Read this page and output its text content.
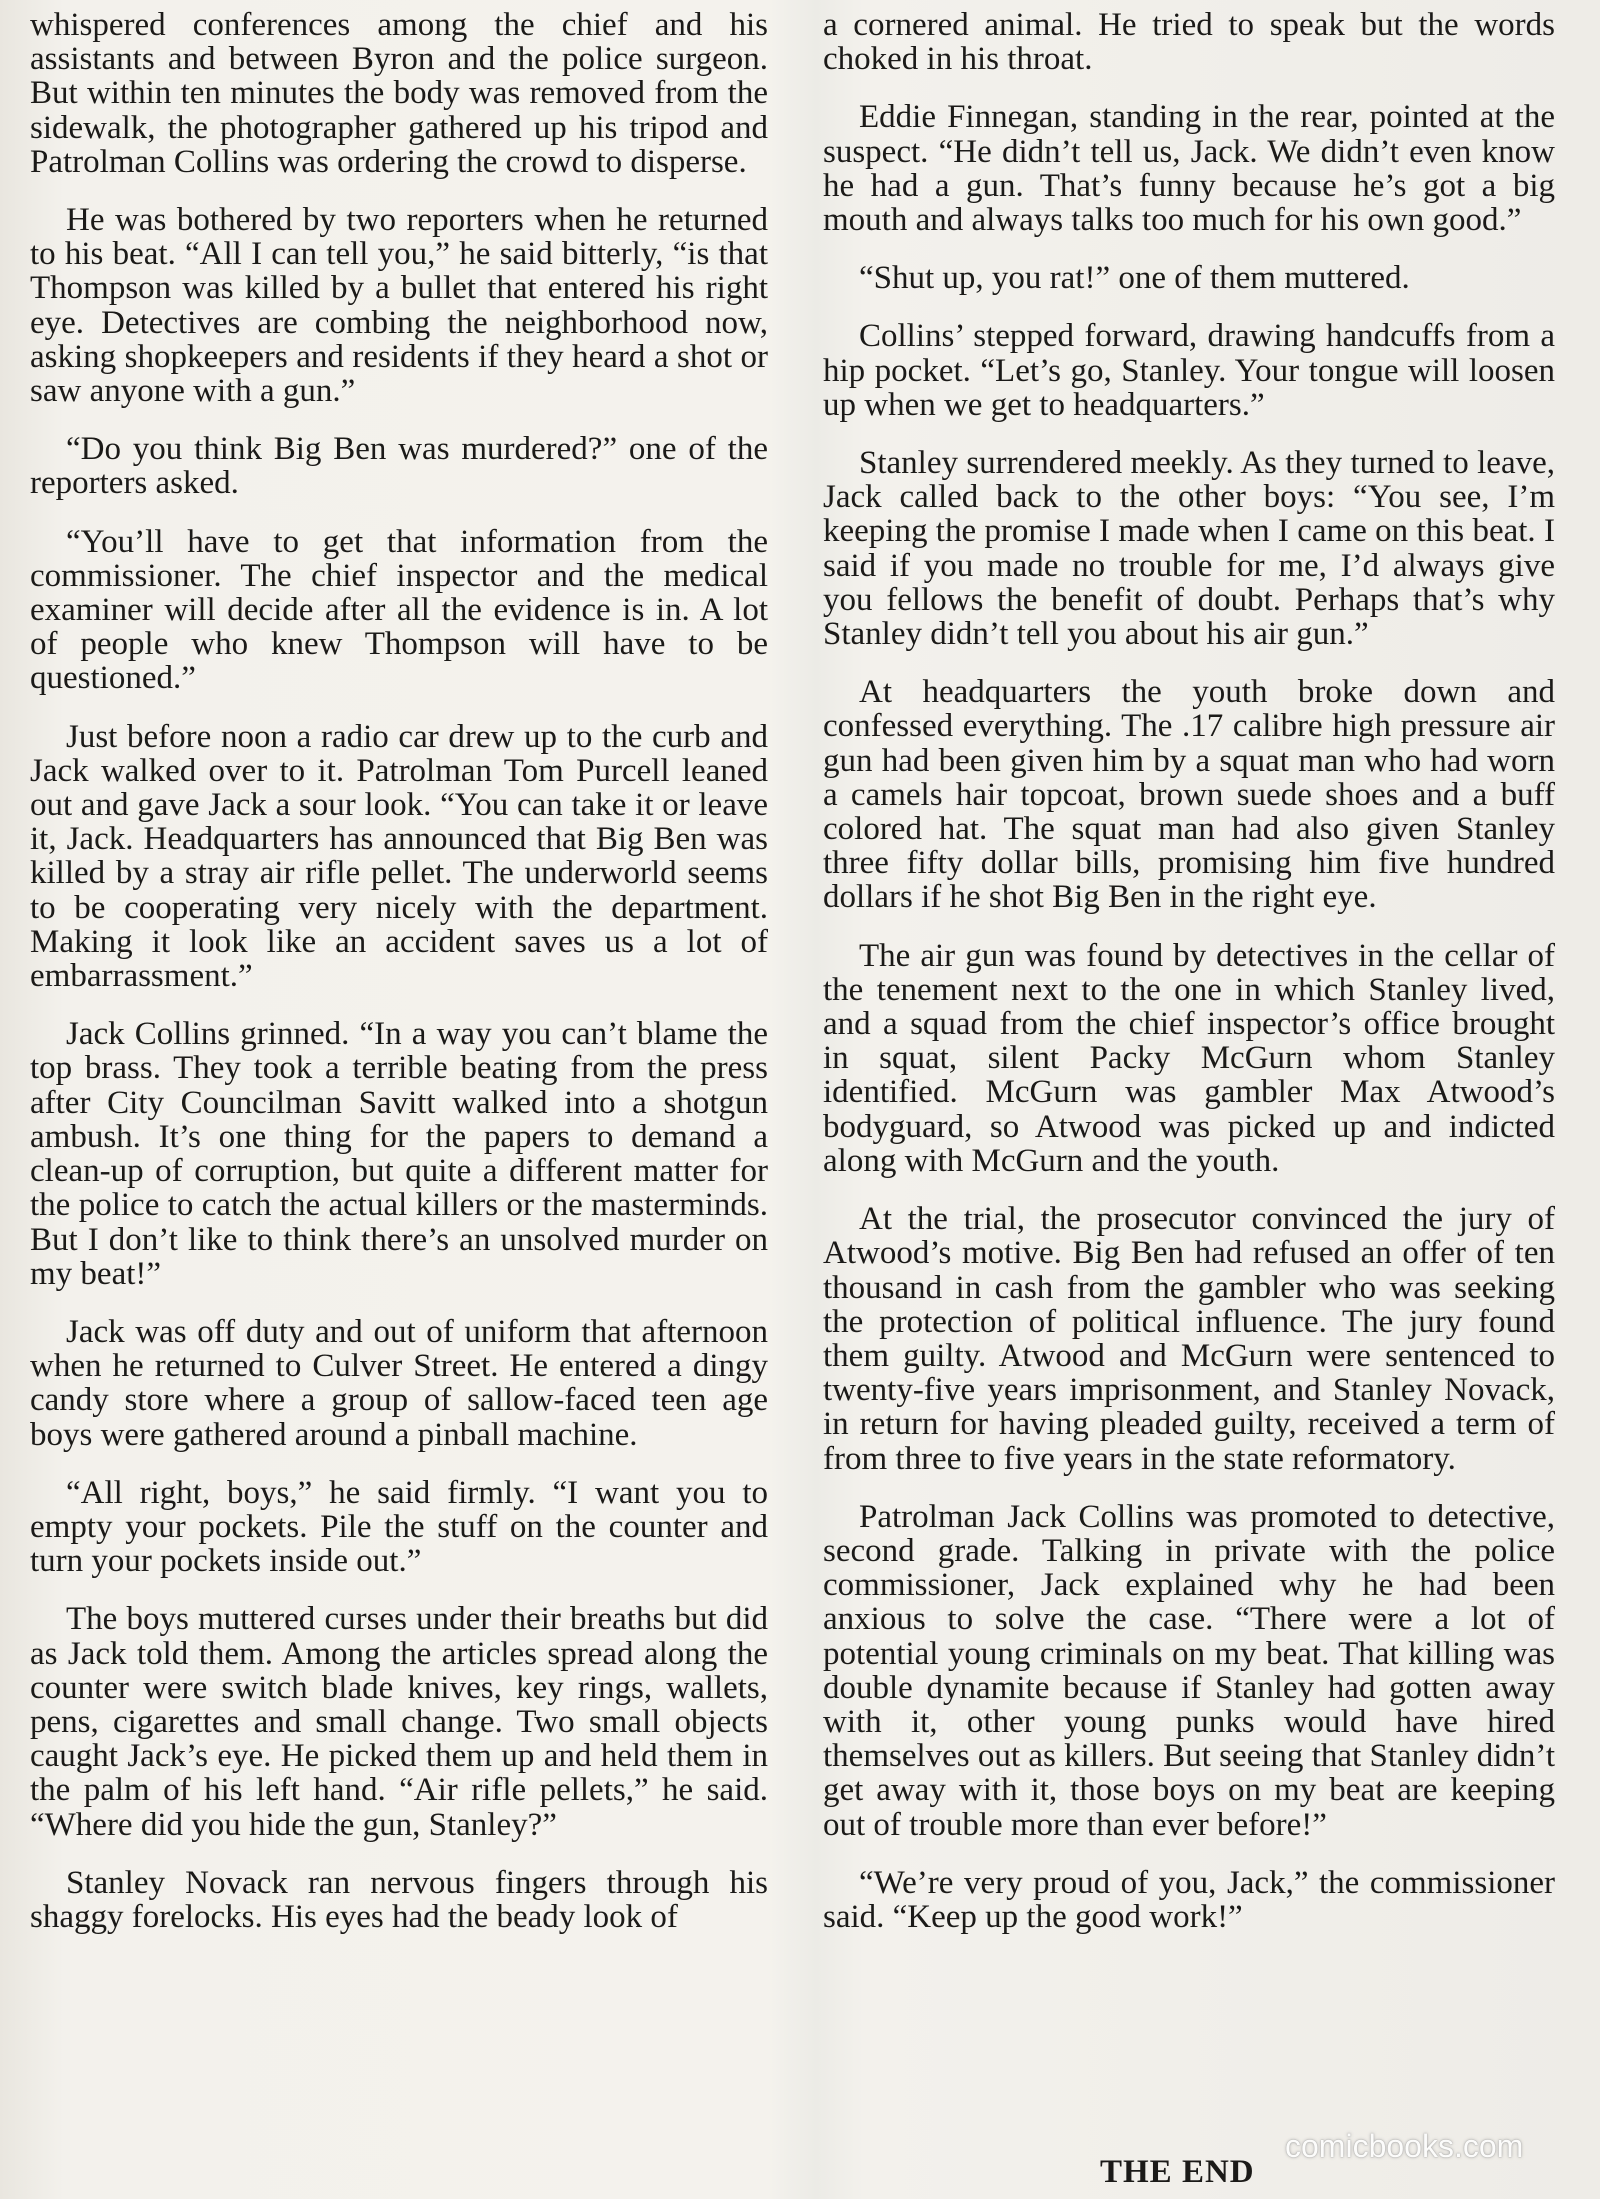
whispered conferences among the chief and his assistants and between Byron and the police surgeon. But within ten minutes the body was removed from the sidewalk, the photographer gathered up his tripod and Patrolman Collins was ordering the crowd to disperse.

He was bothered by two reporters when he returned to his beat. “All I can tell you,” he said bitterly, “is that Thompson was killed by a bullet that entered his right eye. Detectives are combing the neighborhood now, asking shopkeepers and residents if they heard a shot or saw anyone with a gun.”

“Do you think Big Ben was murdered?” one of the reporters asked.

“You’ll have to get that information from the commissioner. The chief inspector and the medical examiner will decide after all the evidence is in. A lot of people who knew Thompson will have to be questioned.”

Just before noon a radio car drew up to the curb and Jack walked over to it. Patrolman Tom Purcell leaned out and gave Jack a sour look. “You can take it or leave it, Jack. Headquarters has announced that Big Ben was killed by a stray air rifle pellet. The underworld seems to be cooperating very nicely with the department. Making it look like an accident saves us a lot of embarrassment.”

Jack Collins grinned. “In a way you can’t blame the top brass. They took a terrible beating from the press after City Councilman Savitt walked into a shotgun ambush. It’s one thing for the papers to demand a clean-up of corruption, but quite a different matter for the police to catch the actual killers or the masterminds. But I don’t like to think there’s an unsolved murder on my beat!”

Jack was off duty and out of uniform that afternoon when he returned to Culver Street. He entered a dingy candy store where a group of sallow-faced teen age boys were gathered around a pinball machine.

“All right, boys,” he said firmly. “I want you to empty your pockets. Pile the stuff on the counter and turn your pockets inside out.”

The boys muttered curses under their breaths but did as Jack told them. Among the articles spread along the counter were switch blade knives, key rings, wallets, pens, cigarettes and small change. Two small objects caught Jack’s eye. He picked them up and held them in the palm of his left hand. “Air rifle pellets,” he said. “Where did you hide the gun, Stanley?”

Stanley Novack ran nervous fingers through his shaggy forelocks. His eyes had the beady look of

a cornered animal. He tried to speak but the words choked in his throat.

Eddie Finnegan, standing in the rear, pointed at the suspect. “He didn’t tell us, Jack. We didn’t even know he had a gun. That’s funny because he’s got a big mouth and always talks too much for his own good.”

“Shut up, you rat!” one of them muttered.

Collins’ stepped forward, drawing handcuffs from a hip pocket. “Let’s go, Stanley. Your tongue will loosen up when we get to headquarters.”

Stanley surrendered meekly. As they turned to leave, Jack called back to the other boys: “You see, I’m keeping the promise I made when I came on this beat. I said if you made no trouble for me, I’d always give you fellows the benefit of doubt. Perhaps that’s why Stanley didn’t tell you about his air gun.”

At headquarters the youth broke down and confessed everything. The .17 calibre high pressure air gun had been given him by a squat man who had worn a camels hair topcoat, brown suede shoes and a buff colored hat. The squat man had also given Stanley three fifty dollar bills, promising him five hundred dollars if he shot Big Ben in the right eye.

The air gun was found by detectives in the cellar of the tenement next to the one in which Stanley lived, and a squad from the chief inspector’s office brought in squat, silent Packy McGurn whom Stanley identified. McGurn was gambler Max Atwood’s bodyguard, so Atwood was picked up and indicted along with McGurn and the youth.

At the trial, the prosecutor convinced the jury of Atwood’s motive. Big Ben had refused an offer of ten thousand in cash from the gambler who was seeking the protection of political influence. The jury found them guilty. Atwood and McGurn were sentenced to twenty-five years imprisonment, and Stanley Novack, in return for having pleaded guilty, received a term of from three to five years in the state reformatory.

Patrolman Jack Collins was promoted to detective, second grade. Talking in private with the police commissioner, Jack explained why he had been anxious to solve the case. “There were a lot of potential young criminals on my beat. That killing was double dynamite because if Stanley had gotten away with it, other young punks would have hired themselves out as killers. But seeing that Stanley didn’t get away with it, those boys on my beat are keeping out of trouble more than ever before!”

“We’re very proud of you, Jack,” the commissioner said. “Keep up the good work!”

THE END
comicbooks.com
